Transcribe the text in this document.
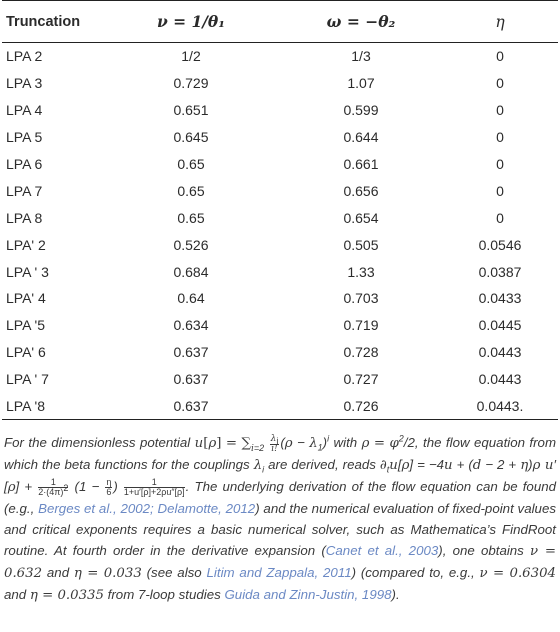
Truncation	ν = 1/θ₁	ω = −θ₂	η
LPA 2	1/2	1/3	0
LPA 3	0.729	1.07	0
LPA 4	0.651	0.599	0
LPA 5	0.645	0.644	0
LPA 6	0.65	0.661	0
LPA 7	0.65	0.656	0
LPA 8	0.65	0.654	0
LPA' 2	0.526	0.505	0.0546
LPA ' 3	0.684	1.33	0.0387
LPA' 4	0.64	0.703	0.0433
LPA '5	0.634	0.719	0.0445
LPA' 6	0.637	0.728	0.0443
LPA ' 7	0.637	0.727	0.0443
LPA '8	0.637	0.726	0.0443.
For the dimensionless potential $u[\rho] = \sum_{i=2} \frac{\lambda_i}{i!} (\rho - \lambda_1)^i$ with $\rho = \varphi^2/2$, the flow equation from which the beta functions for the couplings $\lambda_i$ are derived, reads $\partial_tu[\rho] = -4u + (d - 2 + \eta)\rho$ $u'[\rho] + \frac{1}{2\cdot(4\pi)^2} (1 - \frac{\eta}{6}$ ) $\frac{1}{1+u'[\rho]+2\rho u''[\rho]}$ . The underlying derivation of the flow equation can be found (e.g., Berges et al., 2002; Delamotte, 2012) and the numerical evaluation of fixed-point values and critical exponents requires a basic numerical solver, such as Mathematica’s FindRoot routine. At fourth order in the derivative expansion (Canet et al., 2003), one obtains ν = 0.632 and η = 0.033 (see also Litim and Zappala, 2011) (compared to, e.g., ν = 0.6304 and η = 0.0335 from 7-loop studies Guida and Zinn-Justin, 1998).
